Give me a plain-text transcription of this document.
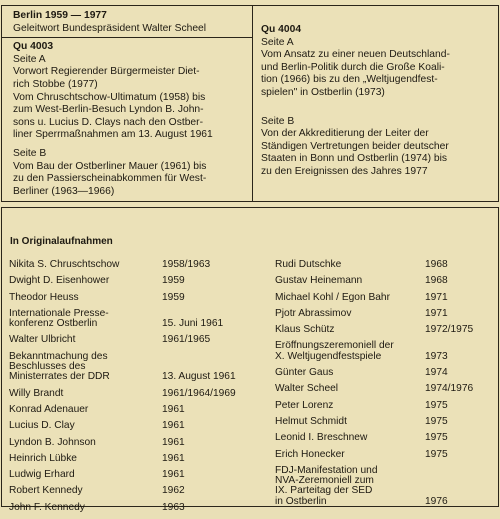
Berlin 1959 — 1977
Geleitwort Bundespräsident Walter Scheel
Qu 4003
Seite A
Vorwort Regierender Bürgermeister Diet-
rich Stobbe (1977)
Vom Chruschtschow-Ultimatum (1958) bis
zum West-Berlin-Besuch Lyndon B. John-
sons u. Lucius D. Clays nach den Ostber-
liner Sperrmaßnahmen am 13. August 1961
Seite B
Vom Bau der Ostberliner Mauer (1961) bis
zu den Passierscheinabkommen für West-
Berliner (1963—1966)
Qu 4004
Seite A
Vom Ansatz zu einer neuen Deutschland-
und Berlin-Politik durch die Große Koali-
tion (1966) bis zu den „Weltjugendfest-
spielen" in Ostberlin (1973)
Seite B
Von der Akkreditierung der Leiter der
Ständigen Vertretungen beider deutscher
Staaten in Bonn und Ostberlin (1974) bis
zu den Ereignissen des Jahres 1977
In Originalaufnahmen
Nikita S. Chruschtschow	1958/1963
Dwight D. Eisenhower	1959
Theodor Heuss	1959
Internationale Presse-
konferenz Ostberlin	15. Juni 1961
Walter Ulbricht	1961/1965
Bekanntmachung des
Beschlusses des
Ministerrates der DDR	13. August 1961
Willy Brandt	1961/1964/1969
Konrad Adenauer	1961
Lucius D. Clay	1961
Lyndon B. Johnson	1961
Heinrich Lübke	1961
Ludwig Erhard	1961
Robert Kennedy	1962
John F. Kennedy	1963
Rudi Dutschke	1968
Gustav Heinemann	1968
Michael Kohl / Egon Bahr	1971
Pjotr Abrassimov	1971
Klaus Schütz	1972/1975
Eröffnungszeremoniell der
X. Weltjugendfestspiele	1973
Günter Gaus	1974
Walter Scheel	1974/1976
Peter Lorenz	1975
Helmut Schmidt	1975
Leonid I. Breschnew	1975
Erich Honecker	1975
FDJ-Manifestation und
NVA-Zeremoniell zum
IX. Parteitag der SED
in Ostberlin	1976
